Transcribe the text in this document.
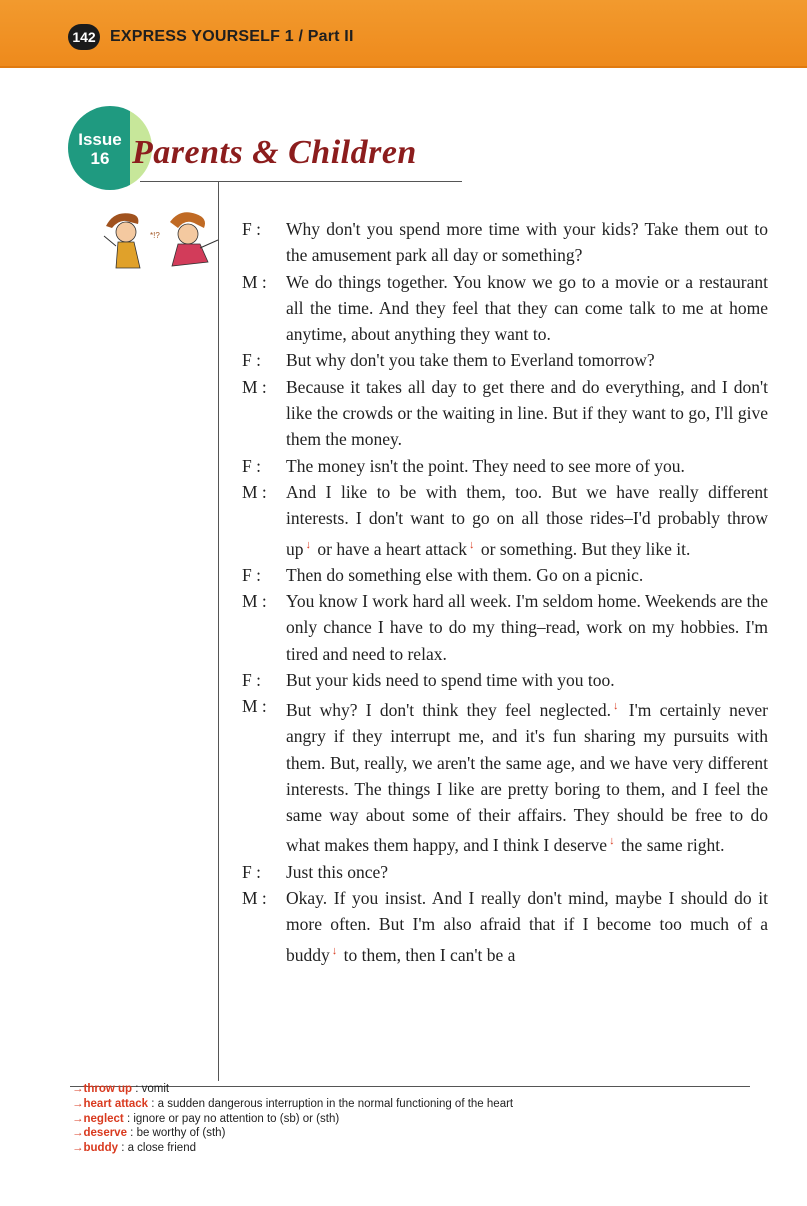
142 EXPRESS YOURSELF 1 / Part II
Issue
16 Parents & Children
*!?	F :	Why don't you spend more time with your kids? Take them out to the amusement park all day or something?
M :	We do things together. You know we go to a movie or a restaurant all the time. And they feel that they can come talk to me at home anytime, about anything they want to.
F :	But why don't you take them to Everland tomorrow?
M :	Because it takes all day to get there and do everything, and I don't like the crowds or the waiting in line. But if they want to go, I'll give them the money.
F :	The money isn't the point. They need to see more of you.
M :	And I like to be with them, too. But we have really different interests. I don't want to go on all those rides–I'd probably throw up ↓ or have a heart attack ↓ or something. But they like it.
F :	Then do something else with them. Go on a picnic.
M :	You know I work hard all week. I'm seldom home. Weekends are the only chance I have to do my thing–read, work on my hobbies. I'm tired and need to relax.
F :	But your kids need to spend time with you too.
M :	But why? I don't think they feel neglected. ↓ I'm certainly never angry if they interrupt me, and it's fun sharing my pursuits with them. But, really, we aren't the same age, and we have very different interests. The things I like are pretty boring to them, and I feel the same way about some of their affairs. They should be free to do what makes them happy, and I think I deserve ↓ the same right.
F :	Just this once?
M :	Okay. If you insist. And I really don't mind, maybe I should do it more often. But I'm also afraid that if I become too much of a buddy ↓ to them, then I can't be a
→throw up : vomit
→heart attack : a sudden dangerous interruption in the normal functioning of the heart
→neglect : ignore or pay no attention to (sb) or (sth)
→deserve : be worthy of (sth)
→buddy : a close friend
